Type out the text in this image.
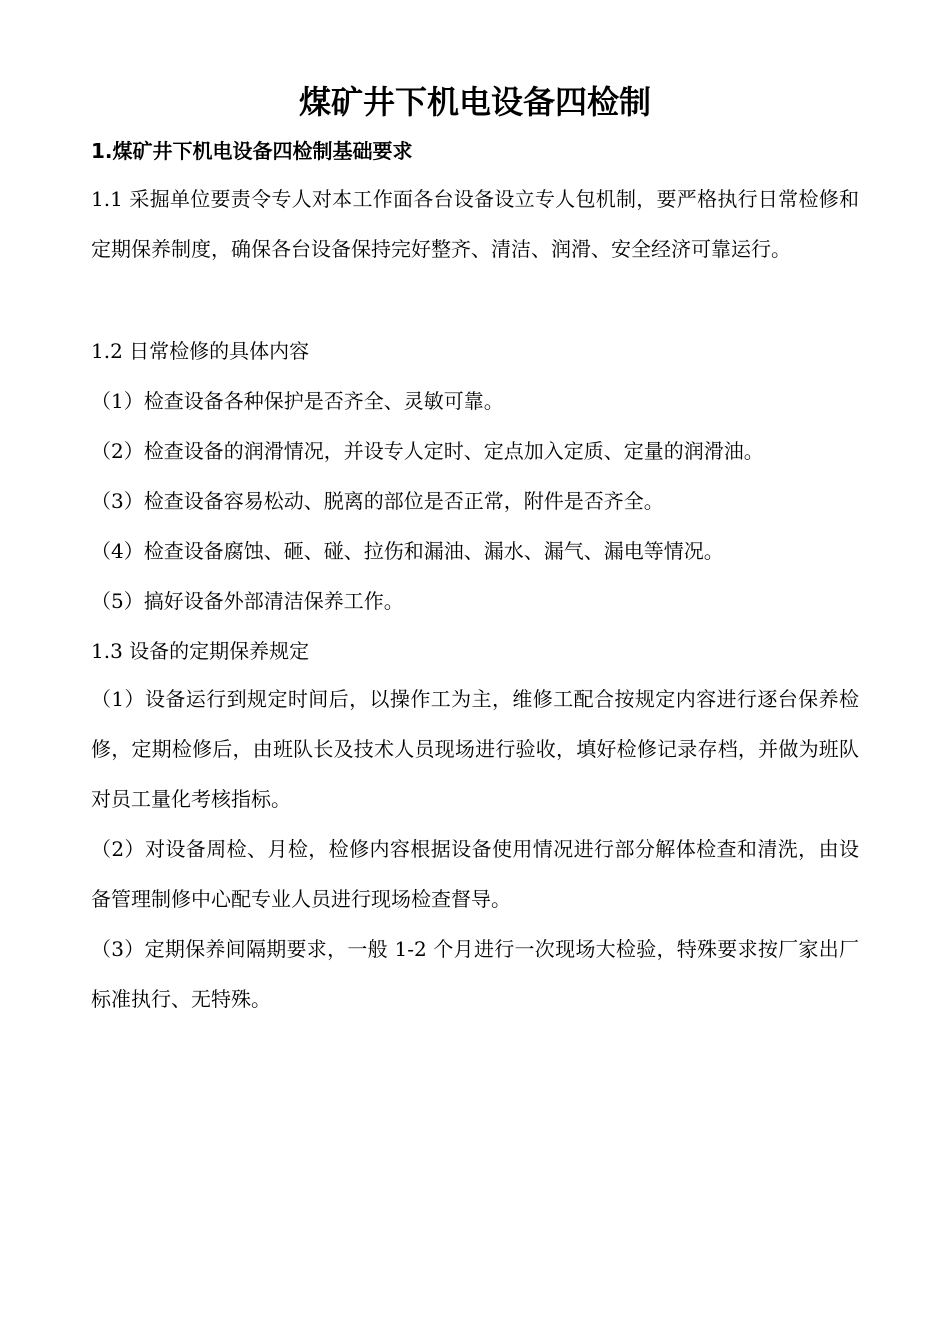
煤矿井下机电设备四检制
1.煤矿井下机电设备四检制基础要求
1.1 采掘单位要责令专人对本工作面各台设备设立专人包机制，要严格执行日常检修和定期保养制度，确保各台设备保持完好整齐、清洁、润滑、安全经济可靠运行。
1.2 日常检修的具体内容
（1）检查设备各种保护是否齐全、灵敏可靠。
（2）检查设备的润滑情况，并设专人定时、定点加入定质、定量的润滑油。
（3）检查设备容易松动、脱离的部位是否正常，附件是否齐全。
（4）检查设备腐蚀、砸、碰、拉伤和漏油、漏水、漏气、漏电等情况。
（5）搞好设备外部清洁保养工作。
1.3 设备的定期保养规定
（1）设备运行到规定时间后，以操作工为主，维修工配合按规定内容进行逐台保养检修，定期检修后，由班队长及技术人员现场进行验收，填好检修记录存档，并做为班队对员工量化考核指标。
（2）对设备周检、月检，检修内容根据设备使用情况进行部分解体检查和清洗，由设备管理制修中心配专业人员进行现场检查督导。
（3）定期保养间隔期要求，一般 1-2 个月进行一次现场大检验，特殊要求按厂家出厂标准执行、无特殊。
